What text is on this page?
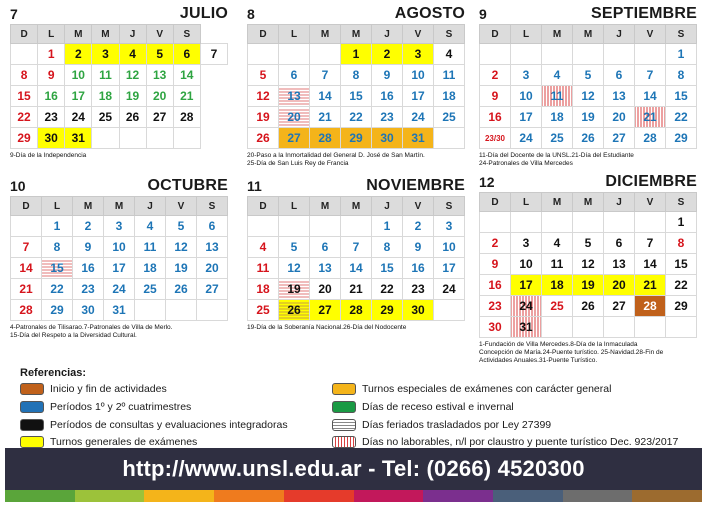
7	JULIO
D	L	M	M	J	V	S	
	1	2	3	4	5	6	7
8	9	10	11	12	13	14	
15	16	17	18	19	20	21	
22	23	24	25	26	27	28	
29	30	31					
9-Día de la Independencia
8	AGOSTO
D	L	M	M	J	V	S
			1	2	3	4
5	6	7	8	9	10	11
12	13	14	15	16	17	18
19	20	21	22	23	24	25
26	27	28	29	30	31	
20-Paso a la Inmortalidad del General D. José de San Martín.
25-Día de San Luis Rey de Francia
9	SEPTIEMBRE
D	L	M	M	J	V	S
						1
2	3	4	5	6	7	8
9	10	11	12	13	14	15
16	17	18	19	20	21	22
23/30	24	25	26	27	28	29
11-Día del Docente de la UNSL.21-Día del Estudiante
24-Patronales de Villa Mercedes
10	OCTUBRE
D	L	M	M	J	V	S
	1	2	3	4	5	6
7	8	9	10	11	12	13
14	15	16	17	18	19	20
21	22	23	24	25	26	27
28	29	30	31			
4-Patronales de Tilisarao.7-Patronales de Villa de Merlo.
15-Día del Respeto a la Diversidad Cultural.
11	NOVIEMBRE
D	L	M	M	J	V	S
				1	2	3
4	5	6	7	8	9	10
11	12	13	14	15	16	17
18	19	20	21	22	23	24
25	26	27	28	29	30	
19-Día de la Soberanía Nacional.26-Día del Nodocente
12	DICIEMBRE
D	L	M	M	J	V	S
						1
2	3	4	5	6	7	8
9	10	11	12	13	14	15
16	17	18	19	20	21	22
23	24	25	26	27	28	29
30	31					
1-Fundación de Villa Mercedes.8-Día de la Inmaculada
Concepción de María.24-Puente turístico. 25-Navidad.28-Fin de
Actividades Anuales.31-Puente Turístico.
Referencias:
Inicio y fin de actividades
Períodos 1º y 2º cuatrimestres
Períodos de consultas y evaluaciones integradoras
Turnos generales de exámenes
Turnos especiales de exámenes con carácter general
Días de receso estival e invernal
Días feriados trasladados por Ley 27399
Días no laborables, n/l por claustro y puente turístico Dec. 923/2017
http://www.unsl.edu.ar - Tel: (0266) 4520300
